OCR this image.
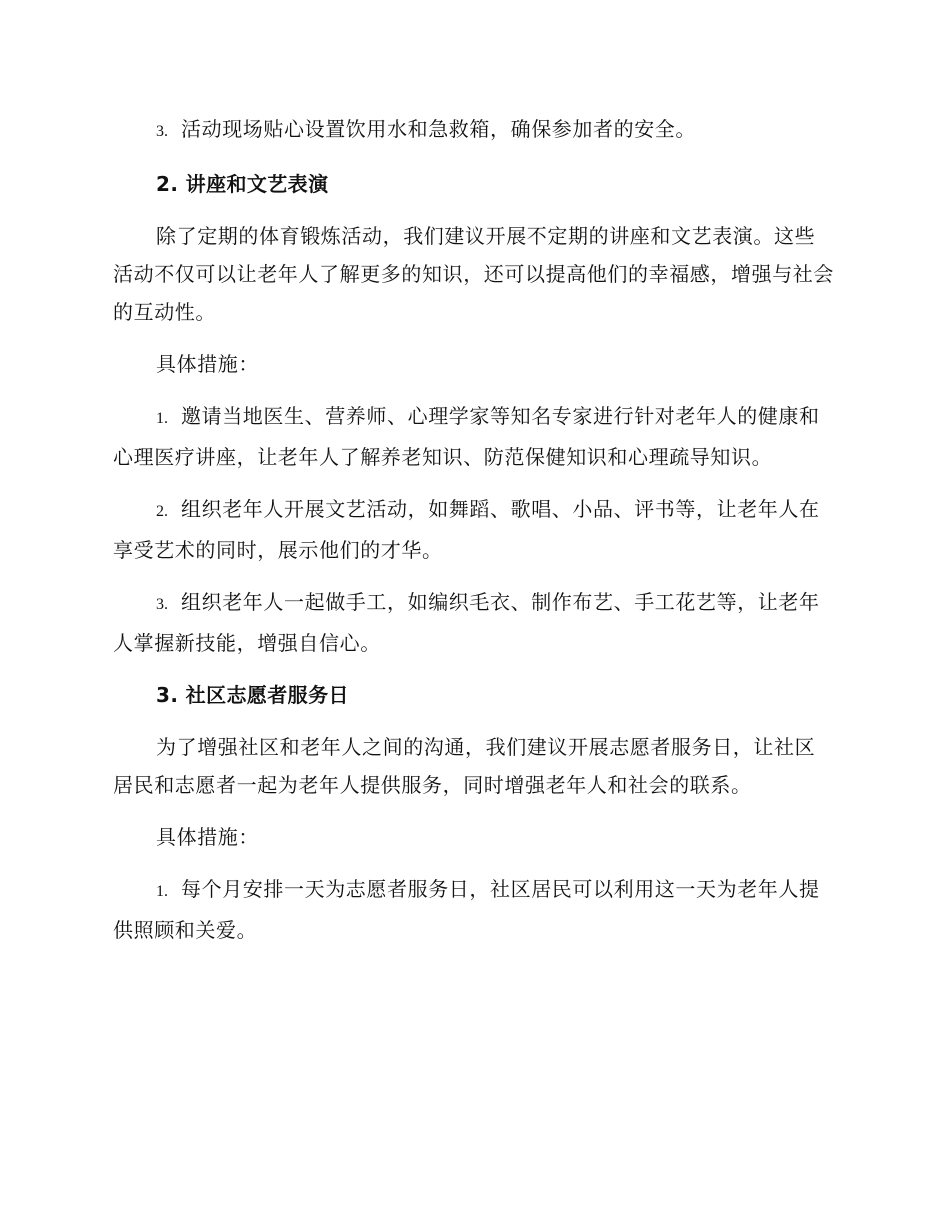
3. 活动现场贴心设置饮用水和急救箱，确保参加者的安全。
2. 讲座和文艺表演
除了定期的体育锻炼活动，我们建议开展不定期的讲座和文艺表演。这些活动不仅可以让老年人了解更多的知识，还可以提高他们的幸福感，增强与社会的互动性。
具体措施：
1. 邀请当地医生、营养师、心理学家等知名专家进行针对老年人的健康和心理医疗讲座，让老年人了解养老知识、防范保健知识和心理疏导知识。
2. 组织老年人开展文艺活动，如舞蹈、歌唱、小品、评书等，让老年人在享受艺术的同时，展示他们的才华。
3. 组织老年人一起做手工，如编织毛衣、制作布艺、手工花艺等，让老年人掌握新技能，增强自信心。
3. 社区志愿者服务日
为了增强社区和老年人之间的沟通，我们建议开展志愿者服务日，让社区居民和志愿者一起为老年人提供服务，同时增强老年人和社会的联系。
具体措施：
1. 每个月安排一天为志愿者服务日，社区居民可以利用这一天为老年人提供照顾和关爱。
